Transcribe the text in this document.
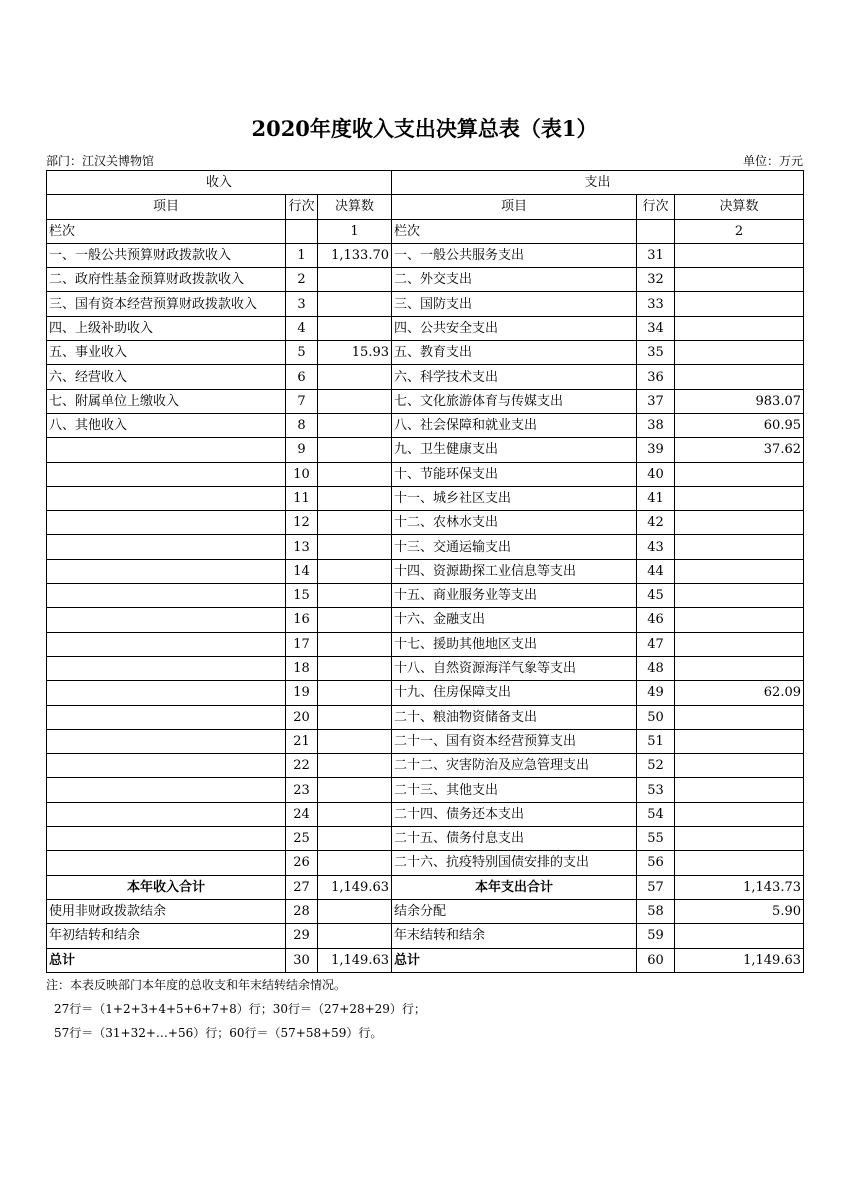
2020年度收入支出决算总表（表1）
部门：江汉关博物馆	单位：万元
收入			支出		
项目	行次	决算数	项目	行次	决算数
栏次		1	栏次		2
一、一般公共预算财政拨款收入	1	1,133.70	一、一般公共服务支出	31	
二、政府性基金预算财政拨款收入	2		二、外交支出	32	
三、国有资本经营预算财政拨款收入	3		三、国防支出	33	
四、上级补助收入	4		四、公共安全支出	34	
五、事业收入	5	15.93	五、教育支出	35	
六、经营收入	6		六、科学技术支出	36	
七、附属单位上缴收入	7		七、文化旅游体育与传媒支出	37	983.07
八、其他收入	8		八、社会保障和就业支出	38	60.95
	9		九、卫生健康支出	39	37.62
	10		十、节能环保支出	40	
	11		十一、城乡社区支出	41	
	12		十二、农林水支出	42	
	13		十三、交通运输支出	43	
	14		十四、资源勘探工业信息等支出	44	
	15		十五、商业服务业等支出	45	
	16		十六、金融支出	46	
	17		十七、援助其他地区支出	47	
	18		十八、自然资源海洋气象等支出	48	
	19		十九、住房保障支出	49	62.09
	20		二十、粮油物资储备支出	50	
	21		二十一、国有资本经营预算支出	51	
	22		二十二、灾害防治及应急管理支出	52	
	23		二十三、其他支出	53	
	24		二十四、债务还本支出	54	
	25		二十五、债务付息支出	55	
	26		二十六、抗疫特别国债安排的支出	56	
本年收入合计	27	1,149.63	本年支出合计	57	1,143.73
使用非财政拨款结余	28		结余分配	58	5.90
年初结转和结余	29		年末结转和结余	59	
总计	30	1,149.63	总计	60	1,149.63
注：本表反映部门本年度的总收支和年末结转结余情况。
27行＝（1+2+3+4+5+6+7+8）行；30行＝（27+28+29）行；
57行＝（31+32+…+56）行；60行＝（57+58+59）行。
